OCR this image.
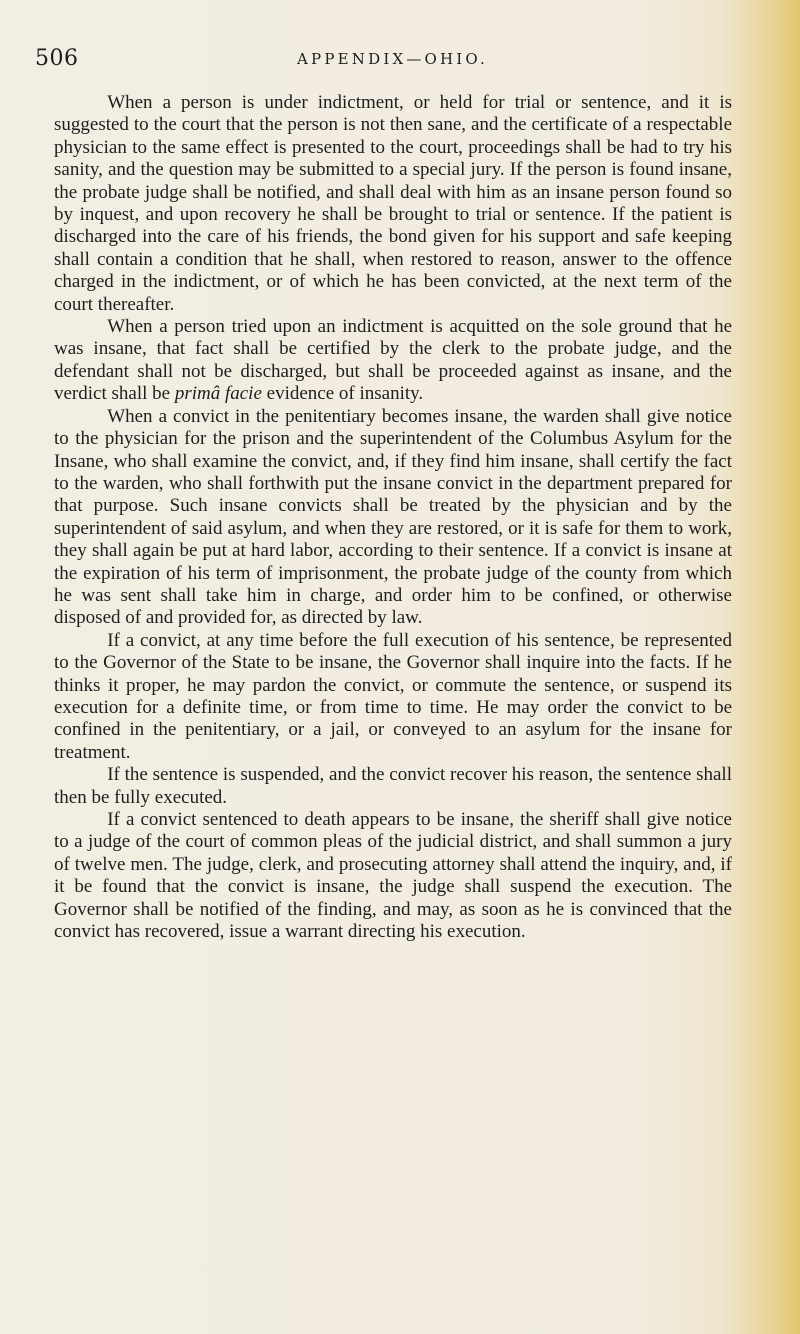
506	APPENDIX—OHIO.

When a person is under indictment, or held for trial or sentence, and it is suggested to the court that the person is not then sane, and the certificate of a respectable physician to the same effect is presented to the court, proceedings shall be had to try his sanity, and the question may be submitted to a special jury. If the person is found insane, the probate judge shall be notified, and shall deal with him as an insane person found so by inquest, and upon recovery he shall be brought to trial or sentence. If the patient is discharged into the care of his friends, the bond given for his support and safe keeping shall contain a condition that he shall, when restored to reason, answer to the offence charged in the indictment, or of which he has been convicted, at the next term of the court thereafter.

When a person tried upon an indictment is acquitted on the sole ground that he was insane, that fact shall be certified by the clerk to the probate judge, and the defendant shall not be discharged, but shall be proceeded against as insane, and the verdict shall be primâ facie evidence of insanity.

When a convict in the penitentiary becomes insane, the warden shall give notice to the physician for the prison and the superintendent of the Columbus Asylum for the Insane, who shall examine the convict, and, if they find him insane, shall certify the fact to the warden, who shall forthwith put the insane convict in the department prepared for that purpose. Such insane convicts shall be treated by the physician and by the superintendent of said asylum, and when they are restored, or it is safe for them to work, they shall again be put at hard labor, according to their sentence. If a convict is insane at the expiration of his term of imprisonment, the probate judge of the county from which he was sent shall take him in charge, and order him to be confined, or otherwise disposed of and provided for, as directed by law.

If a convict, at any time before the full execution of his sentence, be represented to the Governor of the State to be insane, the Governor shall inquire into the facts. If he thinks it proper, he may pardon the convict, or commute the sentence, or suspend its execution for a definite time, or from time to time. He may order the convict to be confined in the penitentiary, or a jail, or conveyed to an asylum for the insane for treatment.

If the sentence is suspended, and the convict recover his reason, the sentence shall then be fully executed.

If a convict sentenced to death appears to be insane, the sheriff shall give notice to a judge of the court of common pleas of the judicial district, and shall summon a jury of twelve men. The judge, clerk, and prosecuting attorney shall attend the inquiry, and, if it be found that the convict is insane, the judge shall suspend the execution. The Governor shall be notified of the finding, and may, as soon as he is convinced that the convict has recovered, issue a warrant directing his execution.
